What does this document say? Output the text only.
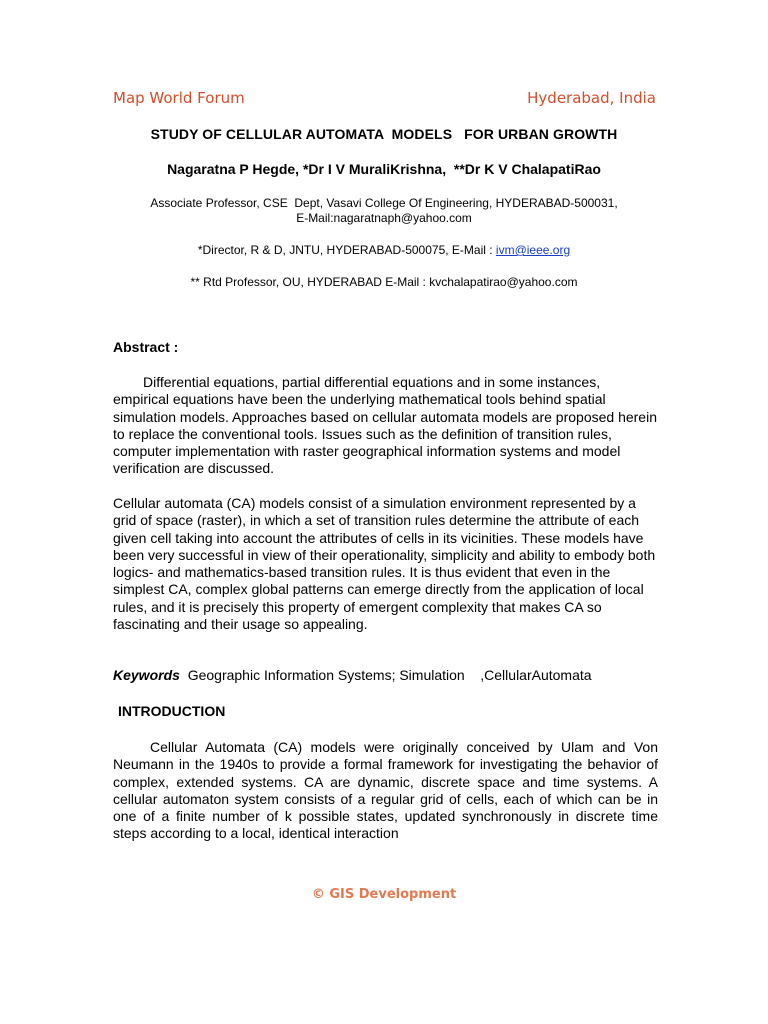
Map World Forum	Hyderabad, India
STUDY OF CELLULAR AUTOMATA  MODELS   FOR URBAN GROWTH
Nagaratna P Hegde, *Dr I V MuraliKrishna,  **Dr K V ChalapatiRao
Associate Professor, CSE  Dept, Vasavi College Of Engineering, HYDERABAD-500031,
E-Mail:nagaratnaph@yahoo.com
*Director, R & D, JNTU, HYDERABAD-500075, E-Mail : ivm@ieee.org
** Rtd Professor, OU, HYDERABAD E-Mail : kvchalapatirao@yahoo.com
Abstract :

Differential equations, partial differential equations and in some instances, empirical equations have been the underlying mathematical tools behind spatial simulation models. Approaches based on cellular automata models are proposed herein to replace the conventional tools. Issues such as the definition of transition rules, computer implementation with raster geographical information systems and model verification are discussed.

Cellular automata (CA) models consist of a simulation environment represented by a grid of space (raster), in which a set of transition rules determine the attribute of each given cell taking into account the attributes of cells in its vicinities. These models have been very successful in view of their operationality, simplicity and ability to embody both logics- and mathematics-based transition rules. It is thus evident that even in the simplest CA, complex global patterns can emerge directly from the application of local rules, and it is precisely this property of emergent complexity that makes CA so fascinating and their usage so appealing.

Keywords  Geographic Information Systems; Simulation    ,CellularAutomata
INTRODUCTION

Cellular Automata (CA) models were originally conceived by Ulam and Von Neumann in the 1940s to provide a formal framework for investigating the behavior of complex, extended systems. CA are dynamic, discrete space and time systems. A cellular automaton system consists of a regular grid of cells, each of which can be in one of a finite number of k possible states, updated synchronously in discrete time steps according to a local, identical interaction

© GIS Development
